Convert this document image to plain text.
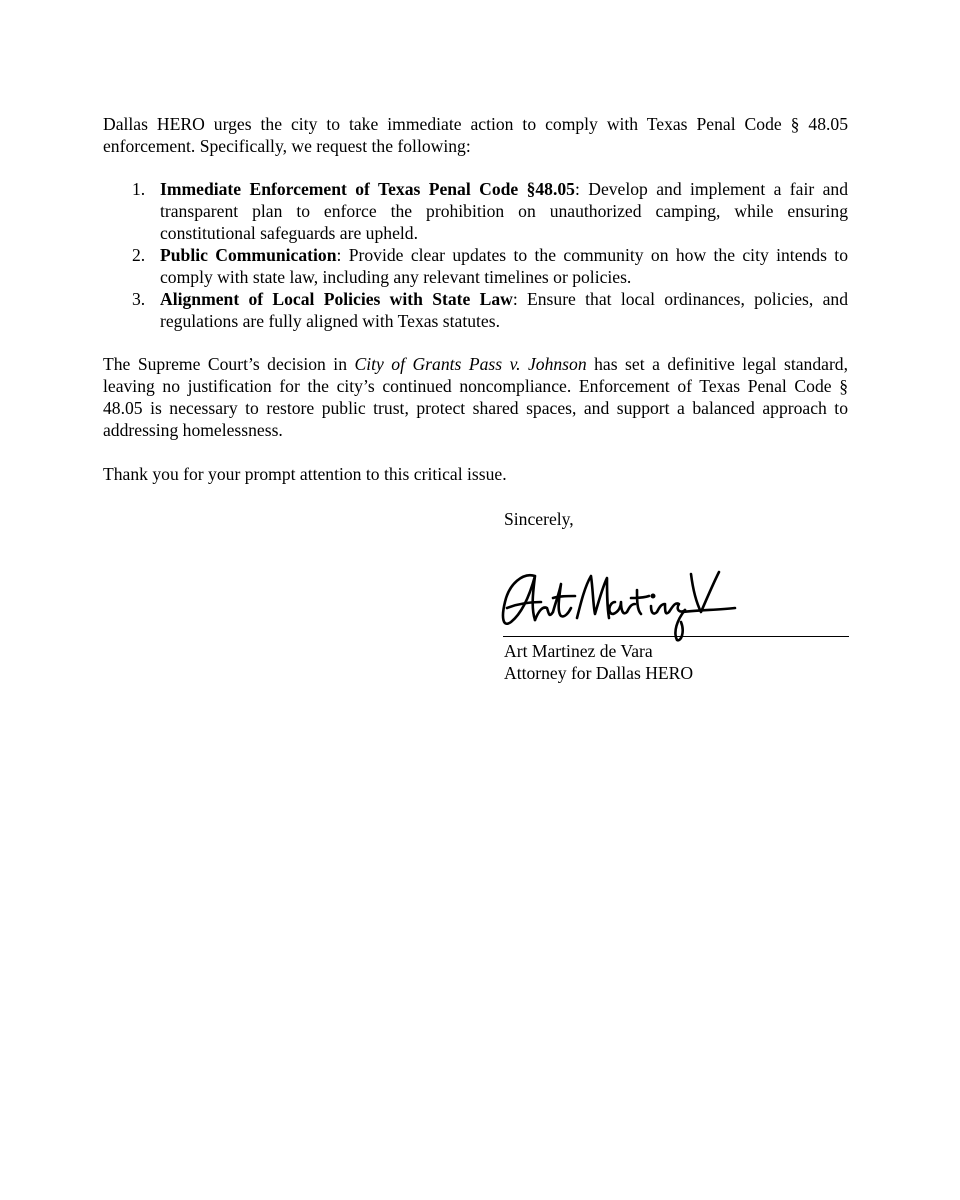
Dallas HERO urges the city to take immediate action to comply with Texas Penal Code § 48.05 enforcement. Specifically, we request the following:

1. Immediate Enforcement of Texas Penal Code §48.05: Develop and implement a fair and transparent plan to enforce the prohibition on unauthorized camping, while ensuring constitutional safeguards are upheld.
2. Public Communication: Provide clear updates to the community on how the city intends to comply with state law, including any relevant timelines or policies.
3. Alignment of Local Policies with State Law: Ensure that local ordinances, policies, and regulations are fully aligned with Texas statutes.

The Supreme Court’s decision in City of Grants Pass v. Johnson has set a definitive legal standard, leaving no justification for the city’s continued noncompliance. Enforcement of Texas Penal Code § 48.05 is necessary to restore public trust, protect shared spaces, and support a balanced approach to addressing homelessness.

Thank you for your prompt attention to this critical issue.

Sincerely,

Art Martinez de Vara

Attorney for Dallas HERO
